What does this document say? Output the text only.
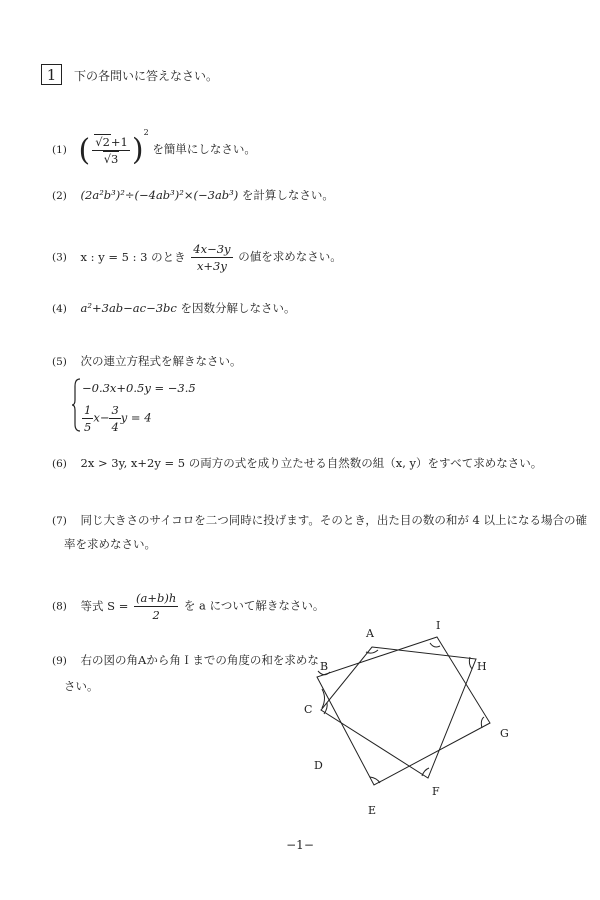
1 下の各問いに答えなさい。
(1) ( $\frac{√2+1}{√3} )^2$ を簡単にしなさい。
(2) (2a²b³)²÷(−4ab³)²×(−3ab³) を計算しなさい。
(3) x : y = 5 : 3 のとき $\frac{4x-3y}{x+3y}$ の値を求めなさい。
(4) a²+3ab−ac−3bc を因数分解しなさい。
(5) 次の連立方程式を解きなさい。
−0.3x+0.5y = −3.5
$\frac{1}{5} x- \frac{3}{4}$ y = 4
(6) 2x > 3y, x+2y = 5 の両方の式を成り立たせる自然数の組（x, y）をすべて求めなさい。
(7) 同じ大きさのサイコロを二つ同時に投げます。そのとき，出た目の数の和が 4 以上になる場合の確
率を求めなさい。
(8) 等式 $S = \frac{(a+b)h}{2}$ を a について解きなさい。
(9) 右の図の角Aから角Ｉまでの角度の和を求めな
さい。
A
I
H
G
F
E
D
C
B
−1−
